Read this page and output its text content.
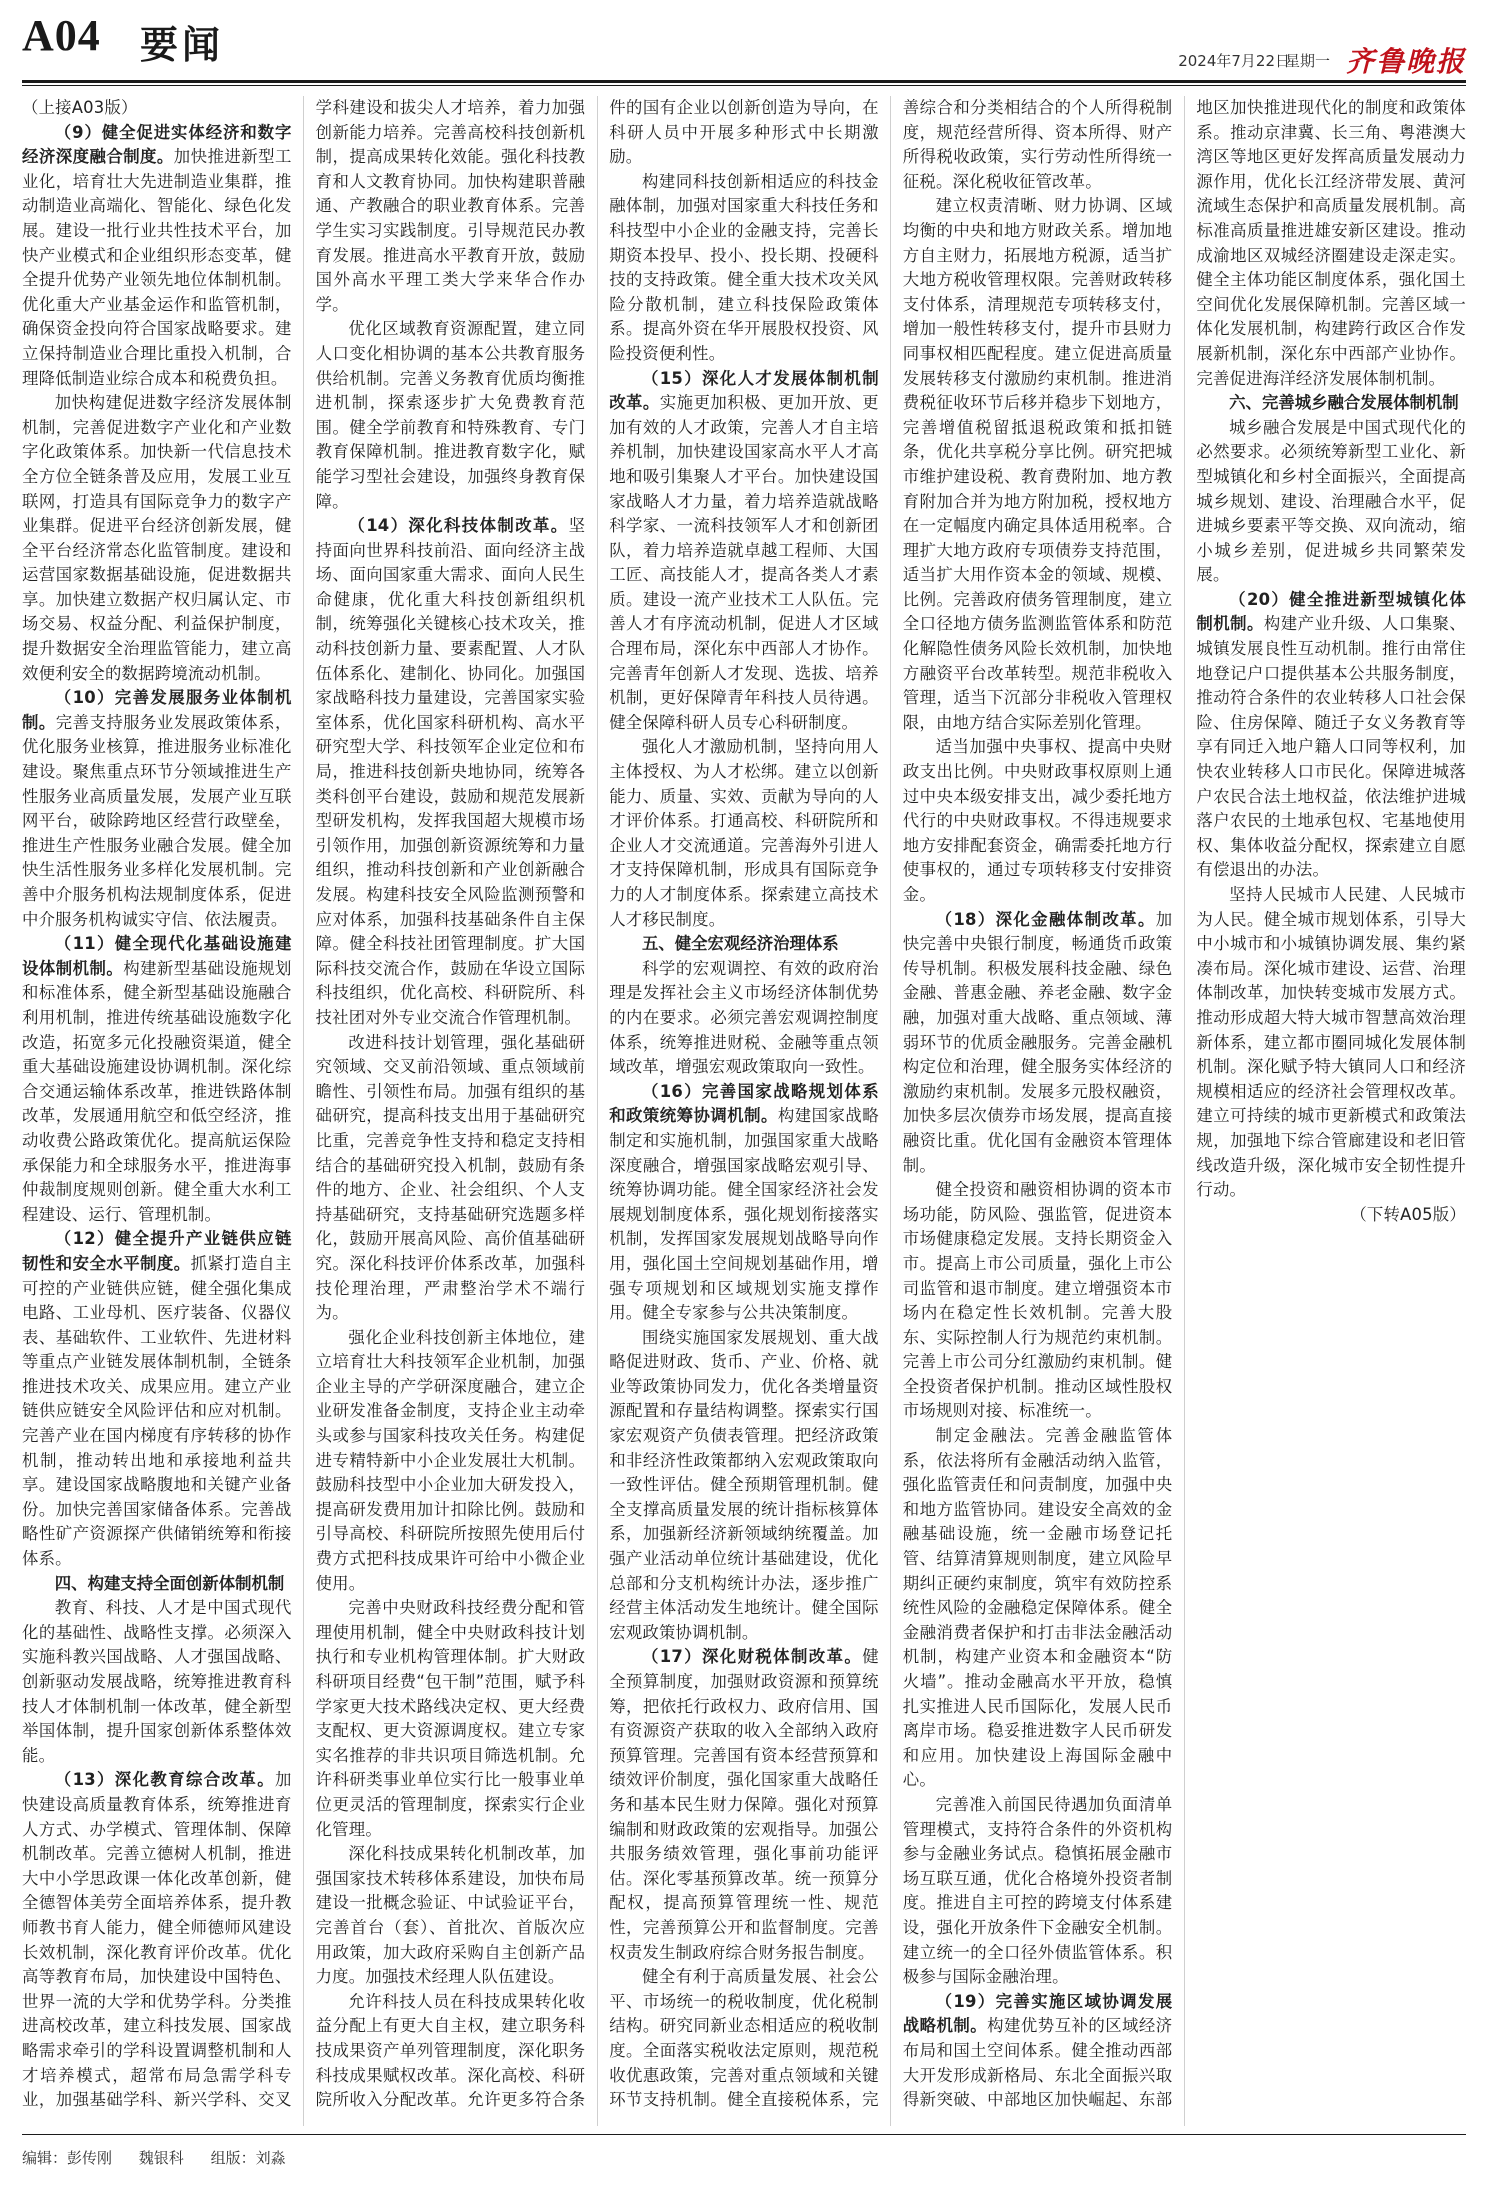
A04 要闻	2024年7月22日
星期一 齐鲁晚报

（上接A03版）

（9）健全促进实体经济和数字经济深度融合制度。加快推进新型工业化，培育壮大先进制造业集群，推动制造业高端化、智能化、绿色化发展。建设一批行业共性技术平台，加快产业模式和企业组织形态变革，健全提升优势产业领先地位体制机制。优化重大产业基金运作和监管机制，确保资金投向符合国家战略要求。建立保持制造业合理比重投入机制，合理降低制造业综合成本和税费负担。

加快构建促进数字经济发展体制机制，完善促进数字产业化和产业数字化政策体系。加快新一代信息技术全方位全链条普及应用，发展工业互联网，打造具有国际竞争力的数字产业集群。促进平台经济创新发展，健全平台经济常态化监管制度。建设和运营国家数据基础设施，促进数据共享。加快建立数据产权归属认定、市场交易、权益分配、利益保护制度，提升数据安全治理监管能力，建立高效便利安全的数据跨境流动机制。

（10）完善发展服务业体制机制。完善支持服务业发展政策体系，优化服务业核算，推进服务业标准化建设。聚焦重点环节分领域推进生产性服务业高质量发展，发展产业互联网平台，破除跨地区经营行政壁垒，推进生产性服务业融合发展。健全加快生活性服务业多样化发展机制。完善中介服务机构法规制度体系，促进中介服务机构诚实守信、依法履责。

（11）健全现代化基础设施建设体制机制。构建新型基础设施规划和标准体系，健全新型基础设施融合利用机制，推进传统基础设施数字化改造，拓宽多元化投融资渠道，健全重大基础设施建设协调机制。深化综合交通运输体系改革，推进铁路体制改革，发展通用航空和低空经济，推动收费公路政策优化。提高航运保险承保能力和全球服务水平，推进海事仲裁制度规则创新。健全重大水利工程建设、运行、管理机制。

（12）健全提升产业链供应链韧性和安全水平制度。抓紧打造自主可控的产业链供应链，健全强化集成电路、工业母机、医疗装备、仪器仪表、基础软件、工业软件、先进材料等重点产业链发展体制机制，全链条推进技术攻关、成果应用。建立产业链供应链安全风险评估和应对机制。完善产业在国内梯度有序转移的协作机制，推动转出地和承接地利益共享。建设国家战略腹地和关键产业备份。加快完善国家储备体系。完善战略性矿产资源探产供储销统筹和衔接体系。

四、构建支持全面创新体制机制

教育、科技、人才是中国式现代化的基础性、战略性支撑。必须深入实施科教兴国战略、人才强国战略、创新驱动发展战略，统筹推进教育科技人才体制机制一体改革，健全新型举国体制，提升国家创新体系整体效能。

（13）深化教育综合改革。加快建设高质量教育体系，统筹推进育人方式、办学模式、管理体制、保障机制改革。完善立德树人机制，推进大中小学思政课一体化改革创新，健全德智体美劳全面培养体系，提升教师教书育人能力，健全师德师风建设长效机制，深化教育评价改革。优化高等教育布局，加快建设中国特色、世界一流的大学和优势学科。分类推进高校改革，建立科技发展、国家战略需求牵引的学科设置调整机制和人才培养模式，超常布局急需学科专业，加强基础学科、新兴学科、交叉学科建设和拔尖人才培养，着力加强创新能力培养。完善高校科技创新机制，提高成果转化效能。强化科技教育和人文教育协同。加快构建职普融通、产教融合的职业教育体系。完善学生实习实践制度。引导规范民办教育发展。推进高水平教育开放，鼓励国外高水平理工类大学来华合作办学。

优化区域教育资源配置，建立同人口变化相协调的基本公共教育服务供给机制。完善义务教育优质均衡推进机制，探索逐步扩大免费教育范围。健全学前教育和特殊教育、专门教育保障机制。推进教育数字化，赋能学习型社会建设，加强终身教育保障。

（14）深化科技体制改革。坚持面向世界科技前沿、面向经济主战场、面向国家重大需求、面向人民生命健康，优化重大科技创新组织机制，统筹强化关键核心技术攻关，推动科技创新力量、要素配置、人才队伍体系化、建制化、协同化。加强国家战略科技力量建设，完善国家实验室体系，优化国家科研机构、高水平研究型大学、科技领军企业定位和布局，推进科技创新央地协同，统筹各类科创平台建设，鼓励和规范发展新型研发机构，发挥我国超大规模市场引领作用，加强创新资源统筹和力量组织，推动科技创新和产业创新融合发展。构建科技安全风险监测预警和应对体系，加强科技基础条件自主保障。健全科技社团管理制度。扩大国际科技交流合作，鼓励在华设立国际科技组织，优化高校、科研院所、科技社团对外专业交流合作管理机制。

改进科技计划管理，强化基础研究领域、交叉前沿领域、重点领域前瞻性、引领性布局。加强有组织的基础研究，提高科技支出用于基础研究比重，完善竞争性支持和稳定支持相结合的基础研究投入机制，鼓励有条件的地方、企业、社会组织、个人支持基础研究，支持基础研究选题多样化，鼓励开展高风险、高价值基础研究。深化科技评价体系改革，加强科技伦理治理，严肃整治学术不端行为。

强化企业科技创新主体地位，建立培育壮大科技领军企业机制，加强企业主导的产学研深度融合，建立企业研发准备金制度，支持企业主动牵头或参与国家科技攻关任务。构建促进专精特新中小企业发展壮大机制。鼓励科技型中小企业加大研发投入，提高研发费用加计扣除比例。鼓励和引导高校、科研院所按照先使用后付费方式把科技成果许可给中小微企业使用。

完善中央财政科技经费分配和管理使用机制，健全中央财政科技计划执行和专业机构管理体制。扩大财政科研项目经费“包干制”范围，赋予科学家更大技术路线决定权、更大经费支配权、更大资源调度权。建立专家实名推荐的非共识项目筛选机制。允许科研类事业单位实行比一般事业单位更灵活的管理制度，探索实行企业化管理。

深化科技成果转化机制改革，加强国家技术转移体系建设，加快布局建设一批概念验证、中试验证平台，完善首台（套）、首批次、首版次应用政策，加大政府采购自主创新产品力度。加强技术经理人队伍建设。

允许科技人员在科技成果转化收益分配上有更大自主权，建立职务科技成果资产单列管理制度，深化职务科技成果赋权改革。深化高校、科研院所收入分配改革。允许更多符合条件的国有企业以创新创造为导向，在科研人员中开展多种形式中长期激励。

构建同科技创新相适应的科技金融体制，加强对国家重大科技任务和科技型中小企业的金融支持，完善长期资本投早、投小、投长期、投硬科技的支持政策。健全重大技术攻关风险分散机制，建立科技保险政策体系。提高外资在华开展股权投资、风险投资便利性。

（15）深化人才发展体制机制改革。实施更加积极、更加开放、更加有效的人才政策，完善人才自主培养机制，加快建设国家高水平人才高地和吸引集聚人才平台。加快建设国家战略人才力量，着力培养造就战略科学家、一流科技领军人才和创新团队，着力培养造就卓越工程师、大国工匠、高技能人才，提高各类人才素质。建设一流产业技术工人队伍。完善人才有序流动机制，促进人才区域合理布局，深化东中西部人才协作。完善青年创新人才发现、选拔、培养机制，更好保障青年科技人员待遇。健全保障科研人员专心科研制度。

强化人才激励机制，坚持向用人主体授权、为人才松绑。建立以创新能力、质量、实效、贡献为导向的人才评价体系。打通高校、科研院所和企业人才交流通道。完善海外引进人才支持保障机制，形成具有国际竞争力的人才制度体系。探索建立高技术人才移民制度。

五、健全宏观经济治理体系

科学的宏观调控、有效的政府治理是发挥社会主义市场经济体制优势的内在要求。必须完善宏观调控制度体系，统筹推进财税、金融等重点领域改革，增强宏观政策取向一致性。

（16）完善国家战略规划体系和政策统筹协调机制。构建国家战略制定和实施机制，加强国家重大战略深度融合，增强国家战略宏观引导、统筹协调功能。健全国家经济社会发展规划制度体系，强化规划衔接落实机制，发挥国家发展规划战略导向作用，强化国土空间规划基础作用，增强专项规划和区域规划实施支撑作用。健全专家参与公共决策制度。

围绕实施国家发展规划、重大战略促进财政、货币、产业、价格、就业等政策协同发力，优化各类增量资源配置和存量结构调整。探索实行国家宏观资产负债表管理。把经济政策和非经济性政策都纳入宏观政策取向一致性评估。健全预期管理机制。健全支撑高质量发展的统计指标核算体系，加强新经济新领域纳统覆盖。加强产业活动单位统计基础建设，优化总部和分支机构统计办法，逐步推广经营主体活动发生地统计。健全国际宏观政策协调机制。

（17）深化财税体制改革。健全预算制度，加强财政资源和预算统筹，把依托行政权力、政府信用、国有资源资产获取的收入全部纳入政府预算管理。完善国有资本经营预算和绩效评价制度，强化国家重大战略任务和基本民生财力保障。强化对预算编制和财政政策的宏观指导。加强公共服务绩效管理，强化事前功能评估。深化零基预算改革。统一预算分配权，提高预算管理统一性、规范性，完善预算公开和监督制度。完善权责发生制政府综合财务报告制度。

健全有利于高质量发展、社会公平、市场统一的税收制度，优化税制结构。研究同新业态相适应的税收制度。全面落实税收法定原则，规范税收优惠政策，完善对重点领域和关键环节支持机制。健全直接税体系，完善综合和分类相结合的个人所得税制度，规范经营所得、资本所得、财产所得税收政策，实行劳动性所得统一征税。深化税收征管改革。

建立权责清晰、财力协调、区域均衡的中央和地方财政关系。增加地方自主财力，拓展地方税源，适当扩大地方税收管理权限。完善财政转移支付体系，清理规范专项转移支付，增加一般性转移支付，提升市县财力同事权相匹配程度。建立促进高质量发展转移支付激励约束机制。推进消费税征收环节后移并稳步下划地方，完善增值税留抵退税政策和抵扣链条，优化共享税分享比例。研究把城市维护建设税、教育费附加、地方教育附加合并为地方附加税，授权地方在一定幅度内确定具体适用税率。合理扩大地方政府专项债券支持范围，适当扩大用作资本金的领域、规模、比例。完善政府债务管理制度，建立全口径地方债务监测监管体系和防范化解隐性债务风险长效机制，加快地方融资平台改革转型。规范非税收入管理，适当下沉部分非税收入管理权限，由地方结合实际差别化管理。

适当加强中央事权、提高中央财政支出比例。中央财政事权原则上通过中央本级安排支出，减少委托地方代行的中央财政事权。不得违规要求地方安排配套资金，确需委托地方行使事权的，通过专项转移支付安排资金。

（18）深化金融体制改革。加快完善中央银行制度，畅通货币政策传导机制。积极发展科技金融、绿色金融、普惠金融、养老金融、数字金融，加强对重大战略、重点领域、薄弱环节的优质金融服务。完善金融机构定位和治理，健全服务实体经济的激励约束机制。发展多元股权融资，加快多层次债券市场发展，提高直接融资比重。优化国有金融资本管理体制。

健全投资和融资相协调的资本市场功能，防风险、强监管，促进资本市场健康稳定发展。支持长期资金入市。提高上市公司质量，强化上市公司监管和退市制度。建立增强资本市场内在稳定性长效机制。完善大股东、实际控制人行为规范约束机制。完善上市公司分红激励约束机制。健全投资者保护机制。推动区域性股权市场规则对接、标准统一。

制定金融法。完善金融监管体系，依法将所有金融活动纳入监管，强化监管责任和问责制度，加强中央和地方监管协同。建设安全高效的金融基础设施，统一金融市场登记托管、结算清算规则制度，建立风险早期纠正硬约束制度，筑牢有效防控系统性风险的金融稳定保障体系。健全金融消费者保护和打击非法金融活动机制，构建产业资本和金融资本“防火墙”。推动金融高水平开放，稳慎扎实推进人民币国际化，发展人民币离岸市场。稳妥推进数字人民币研发和应用。加快建设上海国际金融中心。

完善准入前国民待遇加负面清单管理模式，支持符合条件的外资机构参与金融业务试点。稳慎拓展金融市场互联互通，优化合格境外投资者制度。推进自主可控的跨境支付体系建设，强化开放条件下金融安全机制。建立统一的全口径外债监管体系。积极参与国际金融治理。

（19）完善实施区域协调发展战略机制。构建优势互补的区域经济布局和国土空间体系。健全推动西部大开发形成新格局、东北全面振兴取得新突破、中部地区加快崛起、东部地区加快推进现代化的制度和政策体系。推动京津冀、长三角、粤港澳大湾区等地区更好发挥高质量发展动力源作用，优化长江经济带发展、黄河流域生态保护和高质量发展机制。高标准高质量推进雄安新区建设。推动成渝地区双城经济圈建设走深走实。健全主体功能区制度体系，强化国土空间优化发展保障机制。完善区域一体化发展机制，构建跨行政区合作发展新机制，深化东中西部产业协作。完善促进海洋经济发展体制机制。

六、完善城乡融合发展体制机制

城乡融合发展是中国式现代化的必然要求。必须统筹新型工业化、新型城镇化和乡村全面振兴，全面提高城乡规划、建设、治理融合水平，促进城乡要素平等交换、双向流动，缩小城乡差别，促进城乡共同繁荣发展。

（20）健全推进新型城镇化体制机制。构建产业升级、人口集聚、城镇发展良性互动机制。推行由常住地登记户口提供基本公共服务制度，推动符合条件的农业转移人口社会保险、住房保障、随迁子女义务教育等享有同迁入地户籍人口同等权利，加快农业转移人口市民化。保障进城落户农民合法土地权益，依法维护进城落户农民的土地承包权、宅基地使用权、集体收益分配权，探索建立自愿有偿退出的办法。

坚持人民城市人民建、人民城市为人民。健全城市规划体系，引导大中小城市和小城镇协调发展、集约紧凑布局。深化城市建设、运营、治理体制改革，加快转变城市发展方式。推动形成超大特大城市智慧高效治理新体系，建立都市圈同城化发展体制机制。深化赋予特大镇同人口和经济规模相适应的经济社会管理权改革。建立可持续的城市更新模式和政策法规，加强地下综合管廊建设和老旧管线改造升级，深化城市安全韧性提升行动。

（下转A05版）

编辑：彭传刚 魏银科 组版：刘淼
